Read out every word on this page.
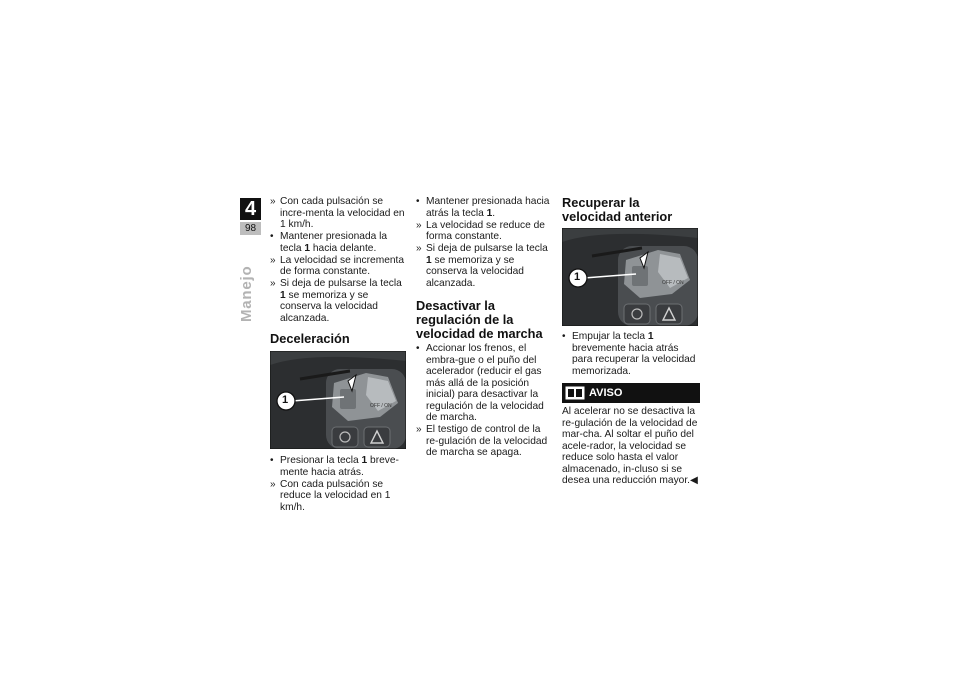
4
98
Manejo
» Con cada pulsación se incre-menta la velocidad en 1 km/h.
• Mantener presionada la tecla 1 hacia delante.
» La velocidad se incrementa de forma constante.
» Si deja de pulsarse la tecla 1 se memoriza y se conserva la velocidad alcanzada.
Deceleración
1	OFF / ON
• Presionar la tecla 1 breve-mente hacia atrás.
» Con cada pulsación se reduce la velocidad en 1 km/h.
• Mantener presionada hacia atrás la tecla 1.
» La velocidad se reduce de forma constante.
» Si deja de pulsarse la tecla 1 se memoriza y se conserva la velocidad alcanzada.
Desactivar la regulación de la velocidad de marcha
• Accionar los frenos, el embra-gue o el puño del acelerador (reducir el gas más allá de la posición inicial) para desactivar la regulación de la velocidad de marcha.
» El testigo de control de la re-gulación de la velocidad de marcha se apaga.
Recuperar la velocidad anterior
1	OFF / ON
• Empujar la tecla 1 brevemente hacia atrás para recuperar la velocidad memorizada.
AVISO

Al acelerar no se desactiva la re-gulación de la velocidad de mar-cha. Al soltar el puño del acele-rador, la velocidad se reduce solo hasta el valor almacenado, in-cluso si se desea una reducción mayor.◀
